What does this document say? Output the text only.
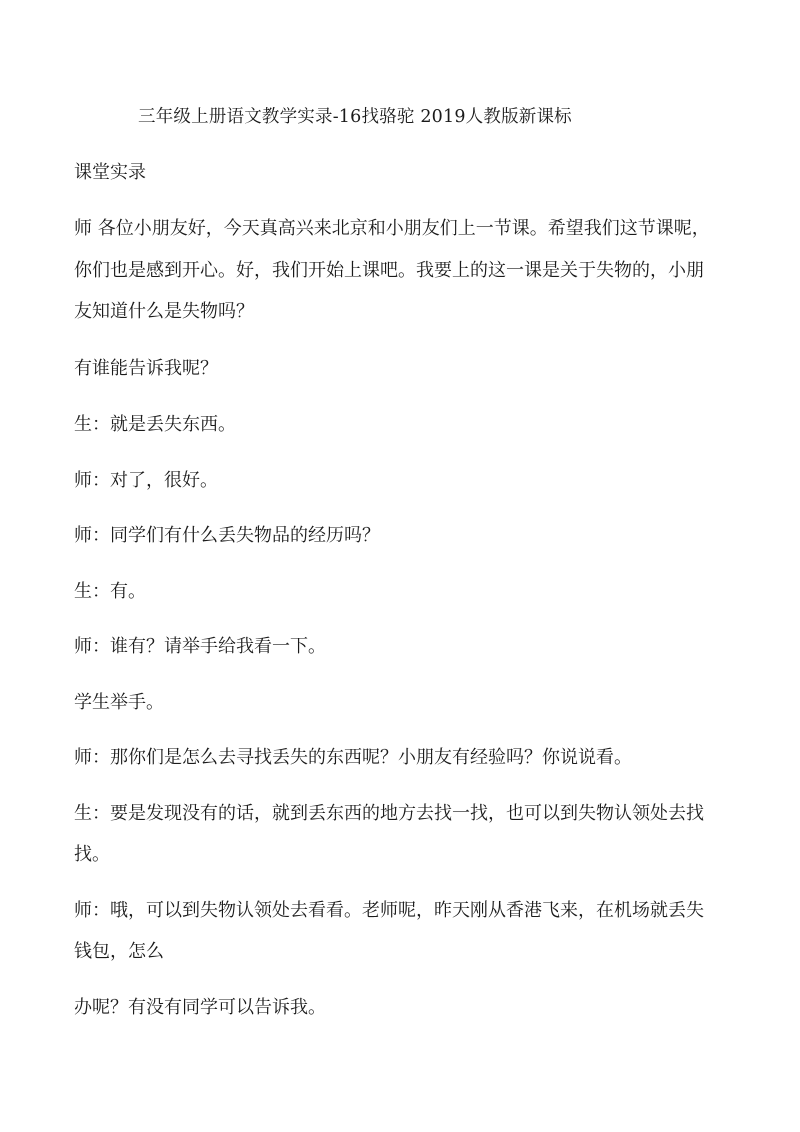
三年级上册语文教学实录-16找骆驼 2019人教版新课标
课堂实录
师 各位小朋友好，今天真高兴来北京和小朋友们上一节课。希望我们这节课呢，
你们也是感到开心。好，我们开始上课吧。我要上的这一课是关于失物的，小朋
友知道什么是失物吗？
有谁能告诉我呢？
生：就是丢失东西。
师：对了，很好。
师：同学们有什么丢失物品的经历吗？
生：有。
师：谁有？请举手给我看一下。
学生举手。
师：那你们是怎么去寻找丢失的东西呢？小朋友有经验吗？你说说看。
生：要是发现没有的话，就到丢东西的地方去找一找，也可以到失物认领处去找
找。
师：哦，可以到失物认领处去看看。老师呢，昨天刚从香港飞来，在机场就丢失
钱包，怎么
办呢？有没有同学可以告诉我。
